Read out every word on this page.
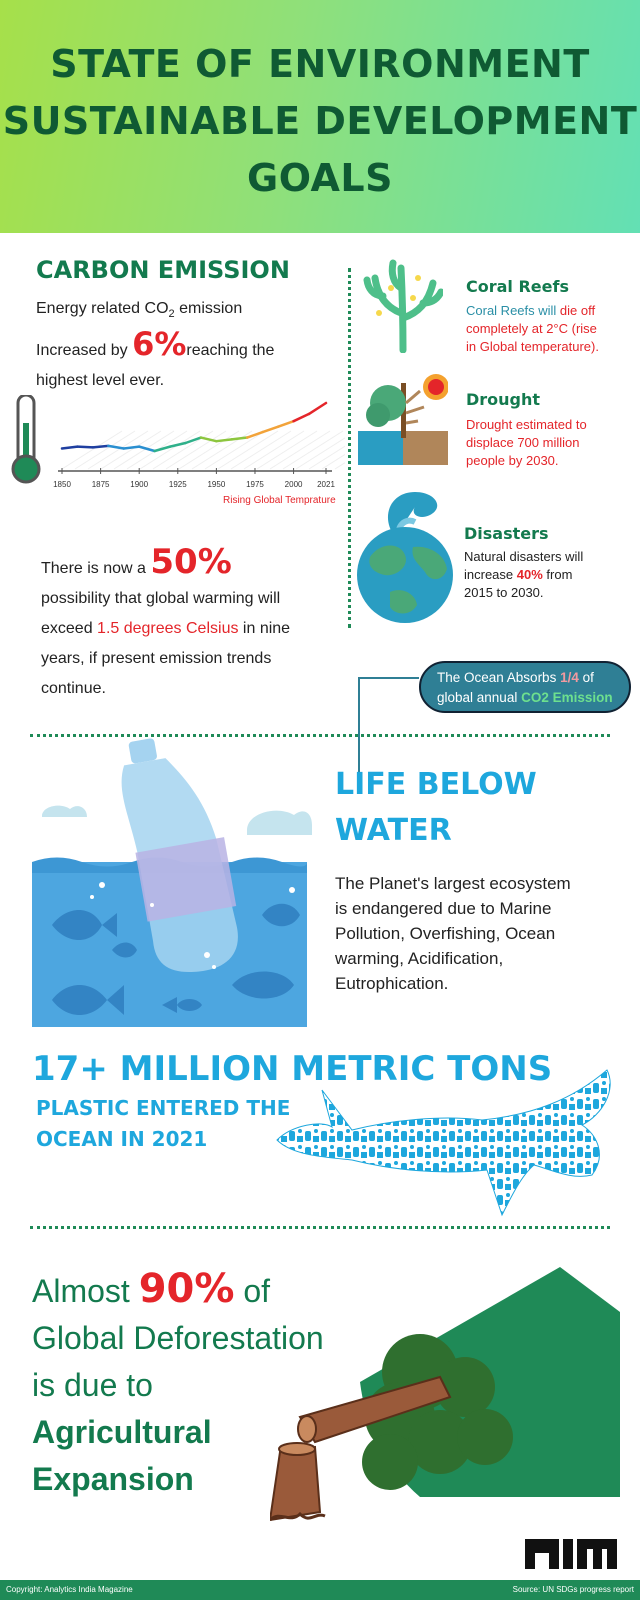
STATE OF ENVIRONMENT
SUSTAINABLE DEVELOPMENT
GOALS
CARBON EMISSION
Energy related $CO_2$ emission
Increased by 6%reaching the
highest level ever.
1850	1875	1900	1925	1950	1975	2000 2021
Rising Global Temprature
There is now a 50%
possibility that global warming will
exceed 1.5 degrees Celsius in nine
years, if present emission trends
continue.
Coral Reefs
Coral Reefs will die off
completely at 2°C (rise
in Global temperature).
Drought
Drought estimated to
displace 700 million
people by 2030.
Disasters
Natural disasters will
increase 40% from
2015 to 2030.
The Ocean Absorbs 1/4 of
global annual CO2 Emission
LIFE BELOW
WATER
The Planet's largest ecosystem
is endangered due to Marine
Pollution, Overfishing, Ocean
warming, Acidification,
Eutrophication.
17+ MILLION METRIC TONS
PLASTIC ENTERED THE
OCEAN IN 2021
Almost 90% of
Global Deforestation
is due to
Agricultural
Expansion
Copyright: Analytics India Magazine	Source: UN SDGs progress report
